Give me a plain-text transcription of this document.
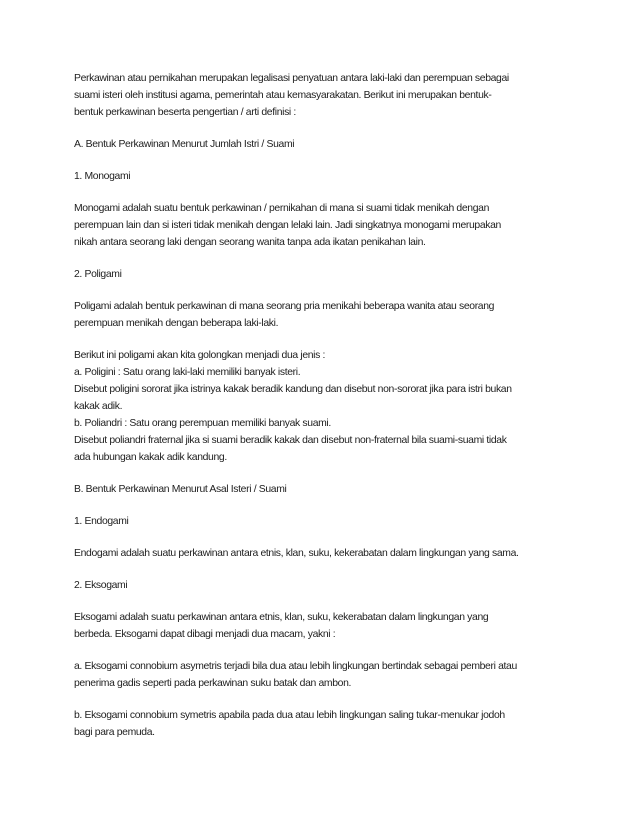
Perkawinan atau pernikahan merupakan legalisasi penyatuan antara laki-laki dan perempuan sebagai
suami isteri oleh institusi agama, pemerintah atau kemasyarakatan. Berikut ini merupakan bentuk-
bentuk perkawinan beserta pengertian / arti definisi :

A. Bentuk Perkawinan Menurut Jumlah Istri / Suami

1. Monogami

Monogami adalah suatu bentuk perkawinan / pernikahan di mana si suami tidak menikah dengan
perempuan lain dan si isteri tidak menikah dengan lelaki lain. Jadi singkatnya monogami merupakan
nikah antara seorang laki dengan seorang wanita tanpa ada ikatan penikahan lain.

2. Poligami

Poligami adalah bentuk perkawinan di mana seorang pria menikahi beberapa wanita atau seorang
perempuan menikah dengan beberapa laki-laki.

Berikut ini poligami akan kita golongkan menjadi dua jenis :
a. Poligini : Satu orang laki-laki memiliki banyak isteri.
Disebut poligini sororat jika istrinya kakak beradik kandung dan disebut non-sororat jika para istri bukan
kakak adik.
b. Poliandri : Satu orang perempuan memiliki banyak suami.
Disebut poliandri fraternal jika si suami beradik kakak dan disebut non-fraternal bila suami-suami tidak
ada hubungan kakak adik kandung.

B. Bentuk Perkawinan Menurut Asal Isteri / Suami

1. Endogami

Endogami adalah suatu perkawinan antara etnis, klan, suku, kekerabatan dalam lingkungan yang sama.

2. Eksogami

Eksogami adalah suatu perkawinan antara etnis, klan, suku, kekerabatan dalam lingkungan yang
berbeda. Eksogami dapat dibagi menjadi dua macam, yakni :

a. Eksogami connobium asymetris terjadi bila dua atau lebih lingkungan bertindak sebagai pemberi atau
penerima gadis seperti pada perkawinan suku batak dan ambon.

b. Eksogami connobium symetris apabila pada dua atau lebih lingkungan saling tukar-menukar jodoh
bagi para pemuda.
